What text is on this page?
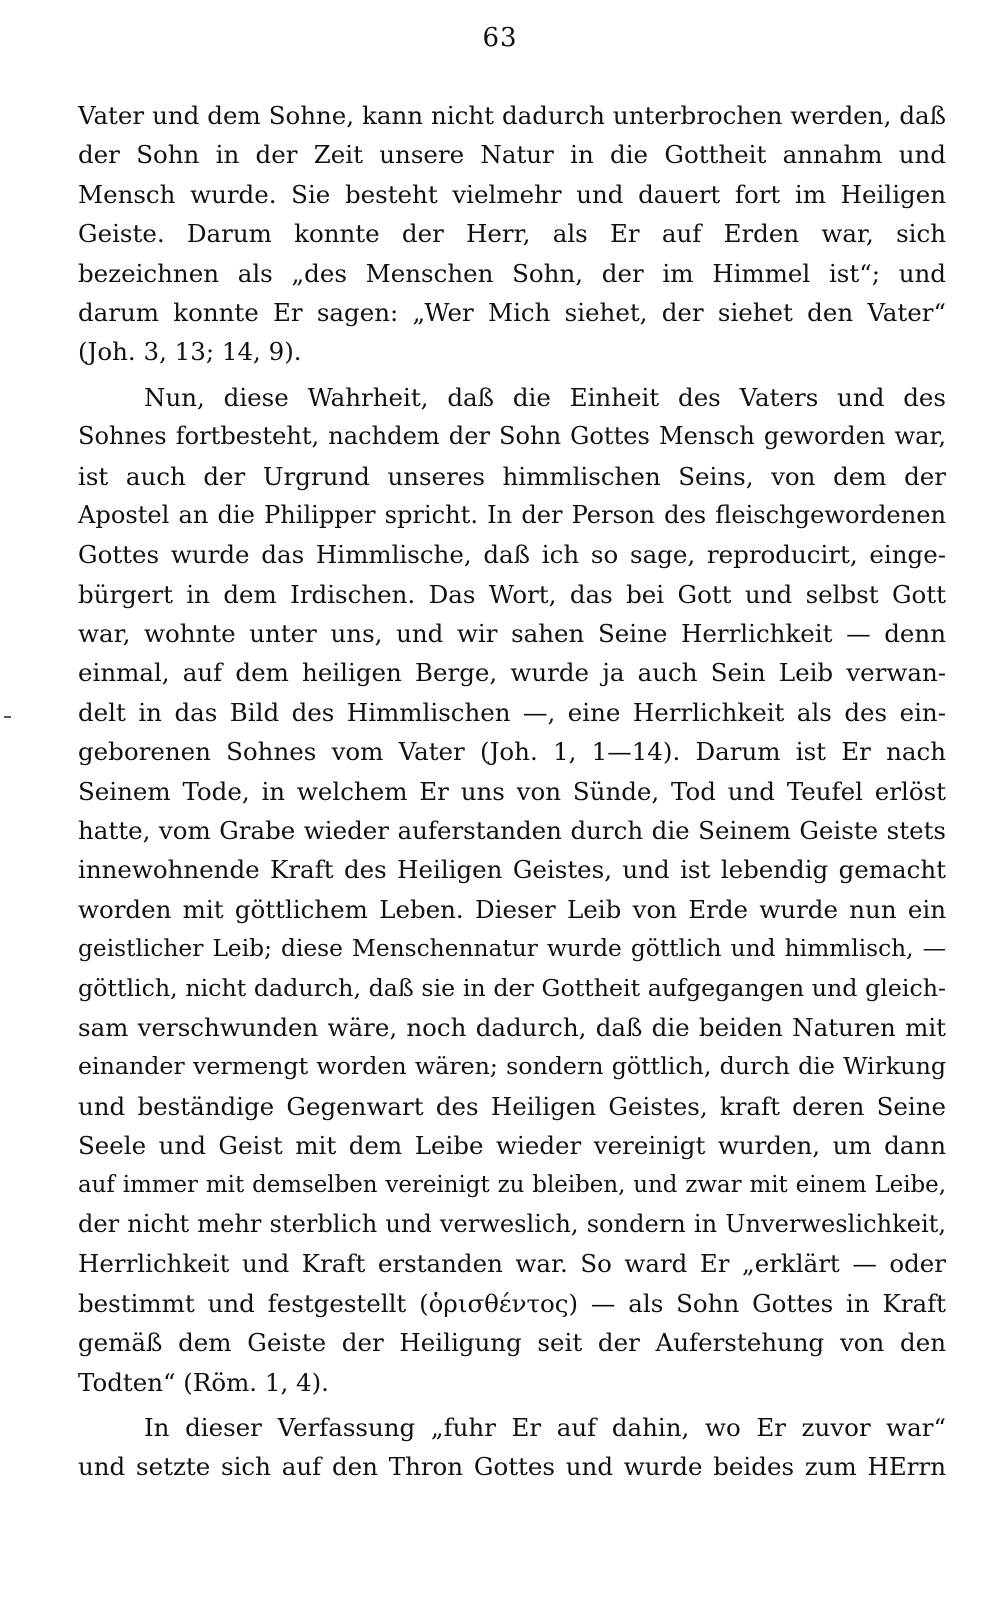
63
Vater und dem Sohne, kann nicht dadurch unterbrochen werden, daß
der Sohn in der Zeit unsere Natur in die Gottheit annahm und
Mensch wurde. Sie besteht vielmehr und dauert fort im Heiligen
Geiste. Darum konnte der Herr, als Er auf Erden war, sich
bezeichnen als „des Menschen Sohn, der im Himmel ist“; und
darum konnte Er sagen: „Wer Mich siehet, der siehet den Vater“
(Joh. 3, 13; 14, 9).
Nun, diese Wahrheit, daß die Einheit des Vaters und des
Sohnes fortbesteht, nachdem der Sohn Gottes Mensch geworden war,
ist auch der Urgrund unseres himmlischen Seins, von dem der
Apostel an die Philipper spricht. In der Person des fleischgewordenen
Gottes wurde das Himmlische, daß ich so sage, reproducirt, einge-
bürgert in dem Irdischen. Das Wort, das bei Gott und selbst Gott
war, wohnte unter uns, und wir sahen Seine Herrlichkeit — denn
einmal, auf dem heiligen Berge, wurde ja auch Sein Leib verwan-
delt in das Bild des Himmlischen —, eine Herrlichkeit als des ein-
geborenen Sohnes vom Vater (Joh. 1, 1—14). Darum ist Er nach
Seinem Tode, in welchem Er uns von Sünde, Tod und Teufel erlöst
hatte, vom Grabe wieder auferstanden durch die Seinem Geiste stets
innewohnende Kraft des Heiligen Geistes, und ist lebendig gemacht
worden mit göttlichem Leben. Dieser Leib von Erde wurde nun ein
geistlicher Leib; diese Menschennatur wurde göttlich und himmlisch, —
göttlich, nicht dadurch, daß sie in der Gottheit aufgegangen und gleich-
sam verschwunden wäre, noch dadurch, daß die beiden Naturen mit
einander vermengt worden wären; sondern göttlich, durch die Wirkung
und beständige Gegenwart des Heiligen Geistes, kraft deren Seine
Seele und Geist mit dem Leibe wieder vereinigt wurden, um dann
auf immer mit demselben vereinigt zu bleiben, und zwar mit einem Leibe,
der nicht mehr sterblich und verweslich, sondern in Unverweslichkeit,
Herrlichkeit und Kraft erstanden war. So ward Er „erklärt — oder
bestimmt und festgestellt (ὁρισθέντος) — als Sohn Gottes in Kraft
gemäß dem Geiste der Heiligung seit der Auferstehung von den
Todten“ (Röm. 1, 4).
In dieser Verfassung „fuhr Er auf dahin, wo Er zuvor war“
und setzte sich auf den Thron Gottes und wurde beides zum HErrn
